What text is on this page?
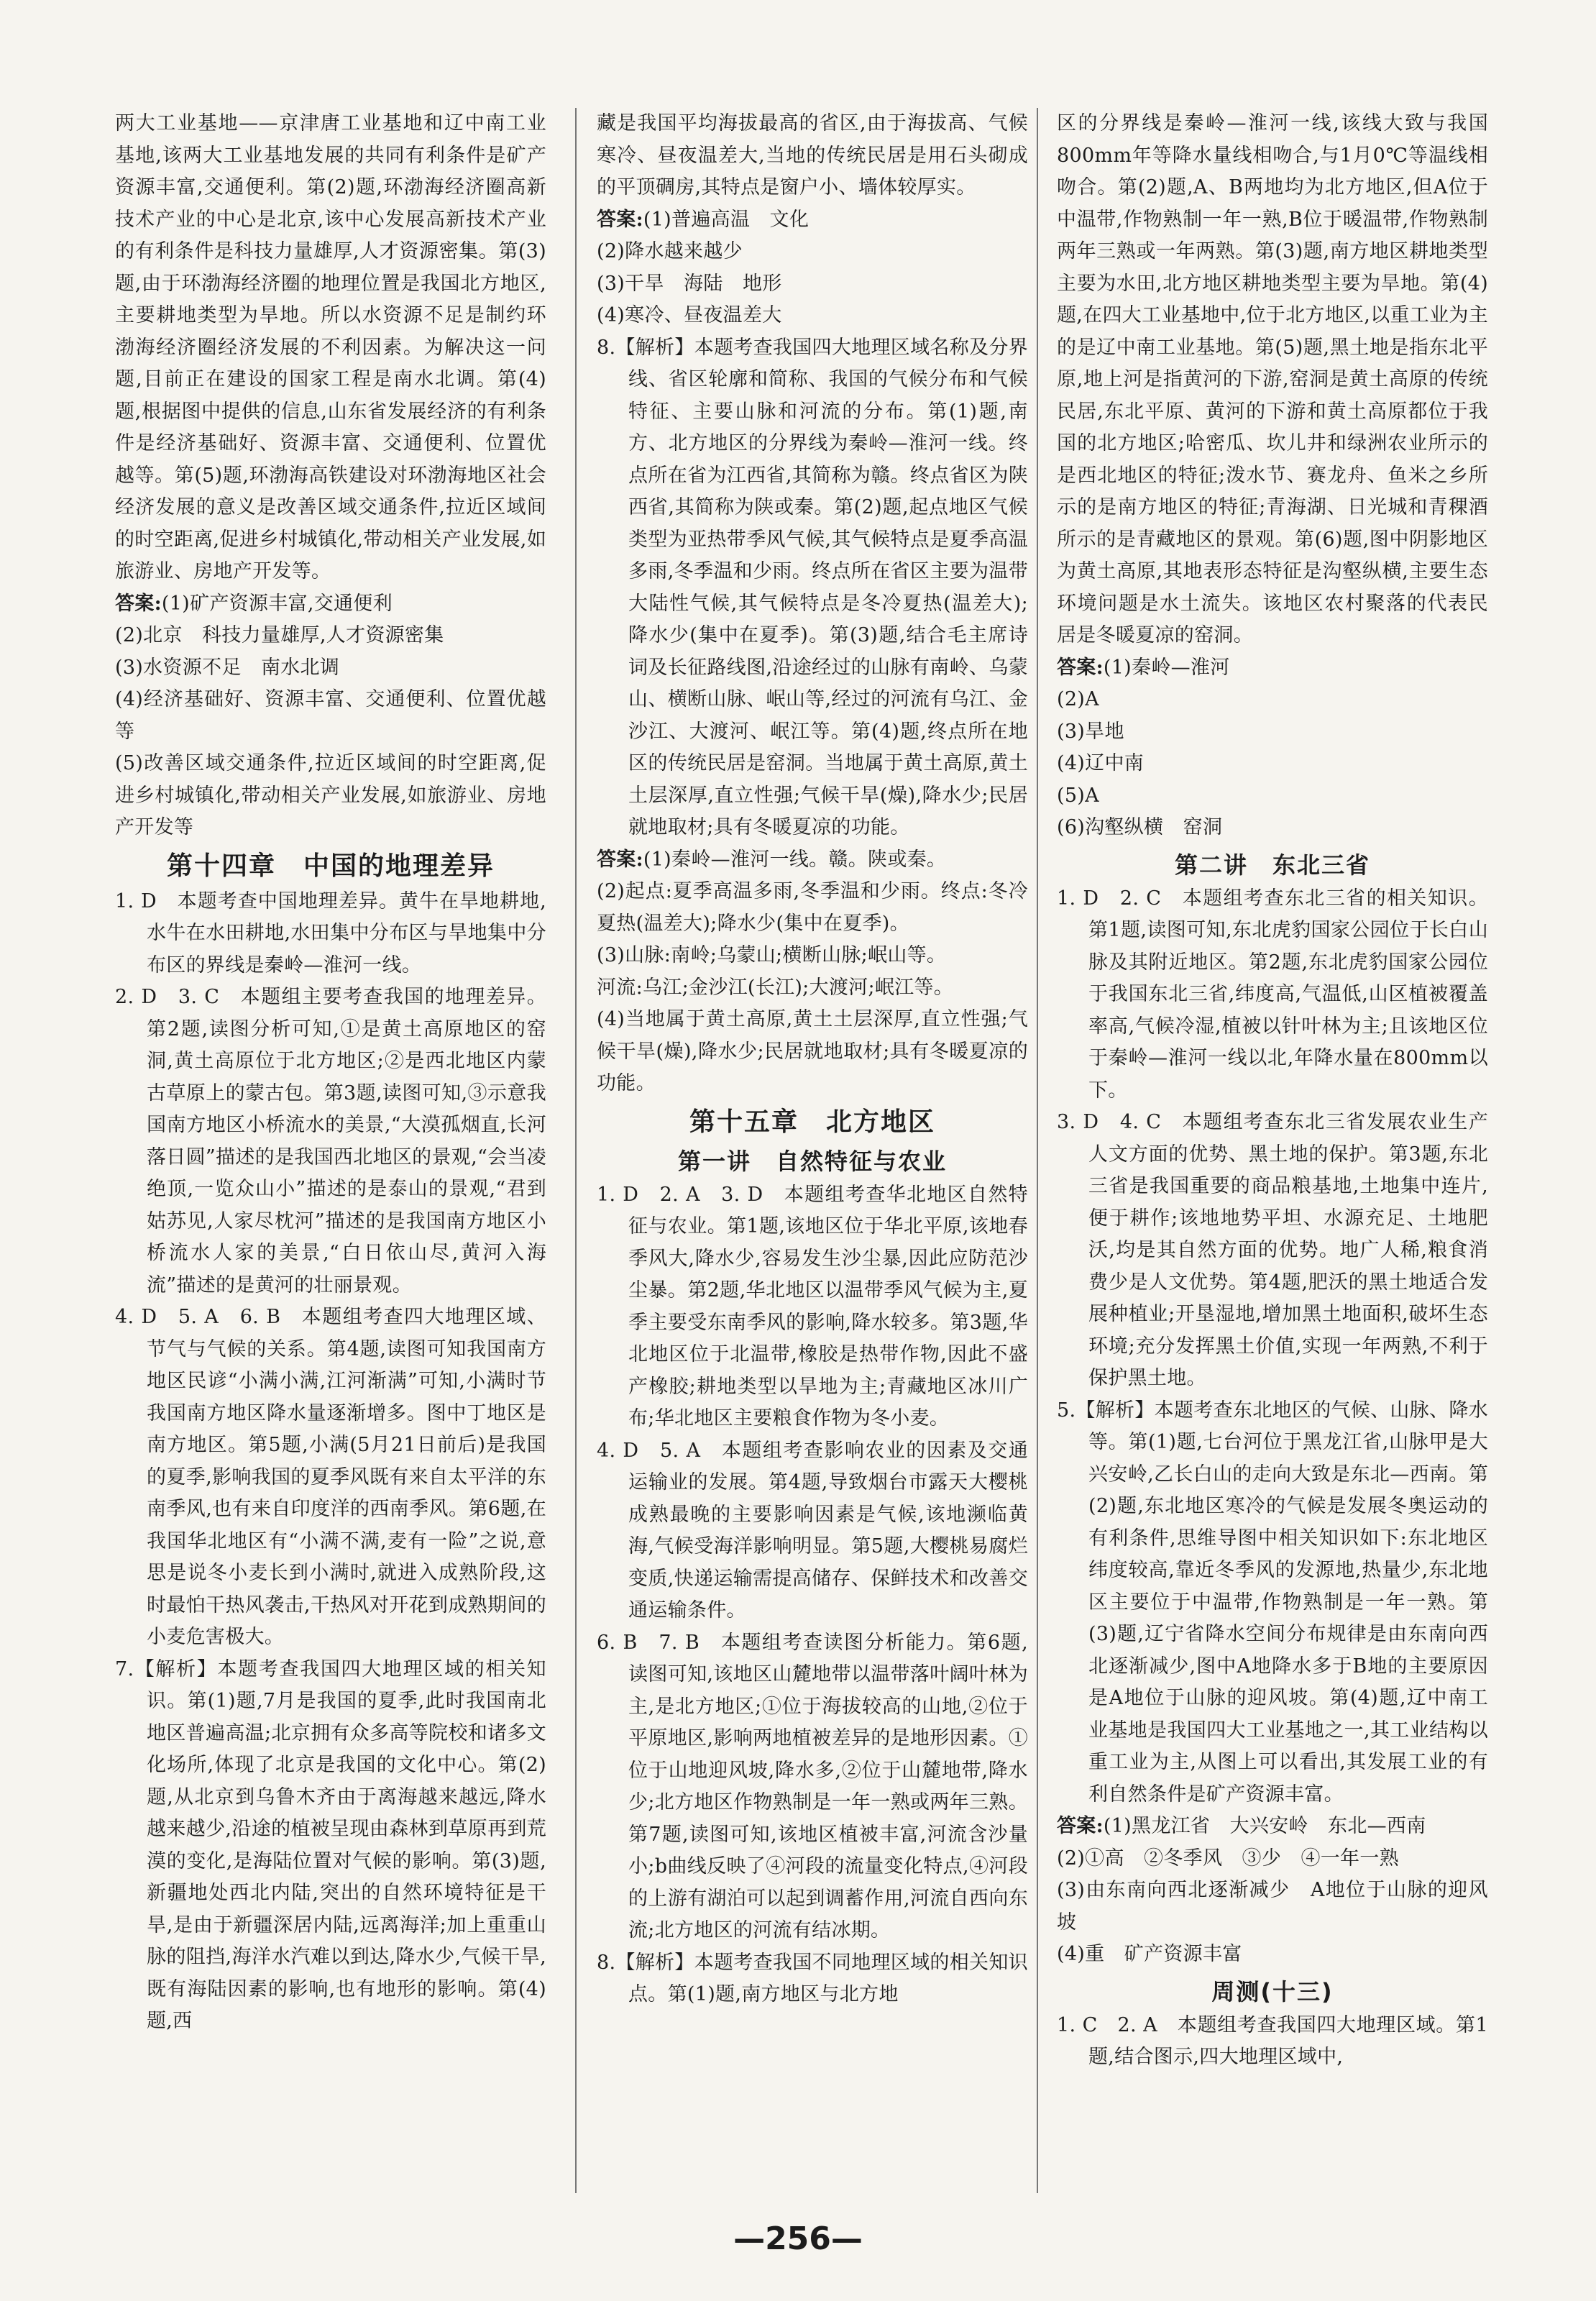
两大工业基地——京津唐工业基地和辽中南工业基地,该两大工业基地发展的共同有利条件是矿产资源丰富,交通便利。第(2)题,环渤海经济圈高新技术产业的中心是北京,该中心发展高新技术产业的有利条件是科技力量雄厚,人才资源密集。第(3)题,由于环渤海经济圈的地理位置是我国北方地区,主要耕地类型为旱地。所以水资源不足是制约环渤海经济圈经济发展的不利因素。为解决这一问题,目前正在建设的国家工程是南水北调。第(4)题,根据图中提供的信息,山东省发展经济的有利条件是经济基础好、资源丰富、交通便利、位置优越等。第(5)题,环渤海高铁建设对环渤海地区社会经济发展的意义是改善区域交通条件,拉近区域间的时空距离,促进乡村城镇化,带动相关产业发展,如旅游业、房地产开发等。

答案:(1)矿产资源丰富,交通便利

(2)北京　科技力量雄厚,人才资源密集

(3)水资源不足　南水北调

(4)经济基础好、资源丰富、交通便利、位置优越等

(5)改善区域交通条件,拉近区域间的时空距离,促进乡村城镇化,带动相关产业发展,如旅游业、房地产开发等

第十四章　中国的地理差异

1. D　本题考查中国地理差异。黄牛在旱地耕地,水牛在水田耕地,水田集中分布区与旱地集中分布区的界线是秦岭—淮河一线。

2. D　3. C　本题组主要考查我国的地理差异。第2题,读图分析可知,①是黄土高原地区的窑洞,黄土高原位于北方地区;②是西北地区内蒙古草原上的蒙古包。第3题,读图可知,③示意我国南方地区小桥流水的美景,“大漠孤烟直,长河落日圆”描述的是我国西北地区的景观,“会当凌绝顶,一览众山小”描述的是泰山的景观,“君到姑苏见,人家尽枕河”描述的是我国南方地区小桥流水人家的美景,“白日依山尽,黄河入海流”描述的是黄河的壮丽景观。

4. D　5. A　6. B　本题组考查四大地理区域、节气与气候的关系。第4题,读图可知我国南方地区民谚“小满小满,江河渐满”可知,小满时节我国南方地区降水量逐渐增多。图中丁地区是南方地区。第5题,小满(5月21日前后)是我国的夏季,影响我国的夏季风既有来自太平洋的东南季风,也有来自印度洋的西南季风。第6题,在我国华北地区有“小满不满,麦有一险”之说,意思是说冬小麦长到小满时,就进入成熟阶段,这时最怕干热风袭击,干热风对开花到成熟期间的小麦危害极大。

7.【解析】本题考查我国四大地理区域的相关知识。第(1)题,7月是我国的夏季,此时我国南北地区普遍高温;北京拥有众多高等院校和诸多文化场所,体现了北京是我国的文化中心。第(2)题,从北京到乌鲁木齐由于离海越来越远,降水越来越少,沿途的植被呈现由森林到草原再到荒漠的变化,是海陆位置对气候的影响。第(3)题,新疆地处西北内陆,突出的自然环境特征是干旱,是由于新疆深居内陆,远离海洋;加上重重山脉的阻挡,海洋水汽难以到达,降水少,气候干旱,既有海陆因素的影响,也有地形的影响。第(4)题,西

藏是我国平均海拔最高的省区,由于海拔高、气候寒冷、昼夜温差大,当地的传统民居是用石头砌成的平顶碉房,其特点是窗户小、墙体较厚实。

答案:(1)普遍高温　文化

(2)降水越来越少

(3)干旱　海陆　地形

(4)寒冷、昼夜温差大

8.【解析】本题考查我国四大地理区域名称及分界线、省区轮廓和简称、我国的气候分布和气候特征、主要山脉和河流的分布。第(1)题,南方、北方地区的分界线为秦岭—淮河一线。终点所在省为江西省,其简称为赣。终点省区为陕西省,其简称为陕或秦。第(2)题,起点地区气候类型为亚热带季风气候,其气候特点是夏季高温多雨,冬季温和少雨。终点所在省区主要为温带大陆性气候,其气候特点是冬冷夏热(温差大);降水少(集中在夏季)。第(3)题,结合毛主席诗词及长征路线图,沿途经过的山脉有南岭、乌蒙山、横断山脉、岷山等,经过的河流有乌江、金沙江、大渡河、岷江等。第(4)题,终点所在地区的传统民居是窑洞。当地属于黄土高原,黄土土层深厚,直立性强;气候干旱(燥),降水少;民居就地取材;具有冬暖夏凉的功能。

答案:(1)秦岭—淮河一线。赣。陕或秦。

(2)起点:夏季高温多雨,冬季温和少雨。终点:冬冷夏热(温差大);降水少(集中在夏季)。

(3)山脉:南岭;乌蒙山;横断山脉;岷山等。

河流:乌江;金沙江(长江);大渡河;岷江等。

(4)当地属于黄土高原,黄土土层深厚,直立性强;气候干旱(燥),降水少;民居就地取材;具有冬暖夏凉的功能。

第十五章　北方地区
第一讲　自然特征与农业

1. D　2. A　3. D　本题组考查华北地区自然特征与农业。第1题,该地区位于华北平原,该地春季风大,降水少,容易发生沙尘暴,因此应防范沙尘暴。第2题,华北地区以温带季风气候为主,夏季主要受东南季风的影响,降水较多。第3题,华北地区位于北温带,橡胶是热带作物,因此不盛产橡胶;耕地类型以旱地为主;青藏地区冰川广布;华北地区主要粮食作物为冬小麦。

4. D　5. A　本题组考查影响农业的因素及交通运输业的发展。第4题,导致烟台市露天大樱桃成熟最晚的主要影响因素是气候,该地濒临黄海,气候受海洋影响明显。第5题,大樱桃易腐烂变质,快递运输需提高储存、保鲜技术和改善交通运输条件。

6. B　7. B　本题组考查读图分析能力。第6题,读图可知,该地区山麓地带以温带落叶阔叶林为主,是北方地区;①位于海拔较高的山地,②位于平原地区,影响两地植被差异的是地形因素。①位于山地迎风坡,降水多,②位于山麓地带,降水少;北方地区作物熟制是一年一熟或两年三熟。第7题,读图可知,该地区植被丰富,河流含沙量小;b曲线反映了④河段的流量变化特点,④河段的上游有湖泊可以起到调蓄作用,河流自西向东流;北方地区的河流有结冰期。

8.【解析】本题考查我国不同地理区域的相关知识点。第(1)题,南方地区与北方地

区的分界线是秦岭—淮河一线,该线大致与我国800mm年等降水量线相吻合,与1月0℃等温线相吻合。第(2)题,A、B两地均为北方地区,但A位于中温带,作物熟制一年一熟,B位于暖温带,作物熟制两年三熟或一年两熟。第(3)题,南方地区耕地类型主要为水田,北方地区耕地类型主要为旱地。第(4)题,在四大工业基地中,位于北方地区,以重工业为主的是辽中南工业基地。第(5)题,黑土地是指东北平原,地上河是指黄河的下游,窑洞是黄土高原的传统民居,东北平原、黄河的下游和黄土高原都位于我国的北方地区;哈密瓜、坎儿井和绿洲农业所示的是西北地区的特征;泼水节、赛龙舟、鱼米之乡所示的是南方地区的特征;青海湖、日光城和青稞酒所示的是青藏地区的景观。第(6)题,图中阴影地区为黄土高原,其地表形态特征是沟壑纵横,主要生态环境问题是水土流失。该地区农村聚落的代表民居是冬暖夏凉的窑洞。

答案:(1)秦岭—淮河

(2)A

(3)旱地

(4)辽中南

(5)A

(6)沟壑纵横　窑洞

第二讲　东北三省

1. D　2. C　本题组考查东北三省的相关知识。第1题,读图可知,东北虎豹国家公园位于长白山脉及其附近地区。第2题,东北虎豹国家公园位于我国东北三省,纬度高,气温低,山区植被覆盖率高,气候冷湿,植被以针叶林为主;且该地区位于秦岭—淮河一线以北,年降水量在800mm以下。

3. D　4. C　本题组考查东北三省发展农业生产人文方面的优势、黑土地的保护。第3题,东北三省是我国重要的商品粮基地,土地集中连片,便于耕作;该地地势平坦、水源充足、土地肥沃,均是其自然方面的优势。地广人稀,粮食消费少是人文优势。第4题,肥沃的黑土地适合发展种植业;开垦湿地,增加黑土地面积,破坏生态环境;充分发挥黑土价值,实现一年两熟,不利于保护黑土地。

5.【解析】本题考查东北地区的气候、山脉、降水等。第(1)题,七台河位于黑龙江省,山脉甲是大兴安岭,乙长白山的走向大致是东北—西南。第(2)题,东北地区寒冷的气候是发展冬奥运动的有利条件,思维导图中相关知识如下:东北地区纬度较高,靠近冬季风的发源地,热量少,东北地区主要位于中温带,作物熟制是一年一熟。第(3)题,辽宁省降水空间分布规律是由东南向西北逐渐减少,图中A地降水多于B地的主要原因是A地位于山脉的迎风坡。第(4)题,辽中南工业基地是我国四大工业基地之一,其工业结构以重工业为主,从图上可以看出,其发展工业的有利自然条件是矿产资源丰富。

答案:(1)黑龙江省　大兴安岭　东北—西南

(2)①高　②冬季风　③少　④一年一熟

(3)由东南向西北逐渐减少　A地位于山脉的迎风坡

(4)重　矿产资源丰富

周测(十三)

1. C　2. A　本题组考查我国四大地理区域。第1题,结合图示,四大地理区域中,

—256—
